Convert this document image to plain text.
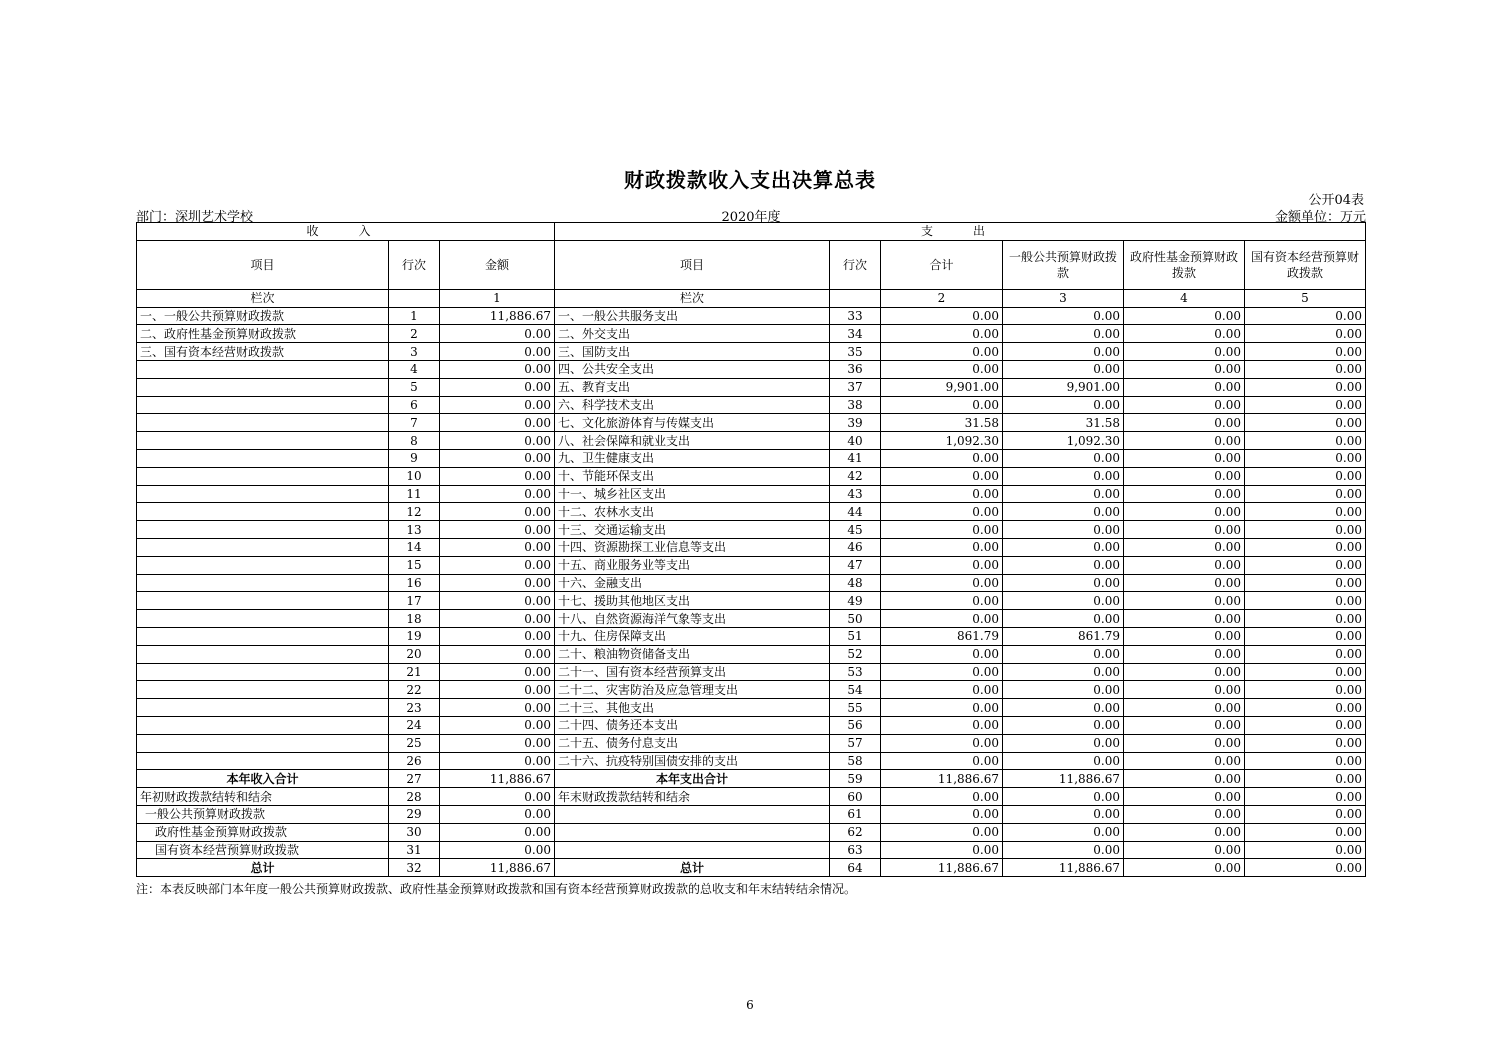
财政拨款收入支出决算总表
公开04表
部门：深圳艺术学校	2020年度	金额单位：万元
收　入			支　出					
项目	行次	金额	项目	行次	合计	一般公共预算财政拨款	政府性基金预算财政拨款	国有资本经营预算财政拨款
栏次		1	栏次		2	3	4	5
一、一般公共预算财政拨款	1	11,886.67	一、一般公共服务支出	33	0.00	0.00	0.00	0.00
二、政府性基金预算财政拨款	2	0.00	二、外交支出	34	0.00	0.00	0.00	0.00
三、国有资本经营财政拨款	3	0.00	三、国防支出	35	0.00	0.00	0.00	0.00
	4	0.00	四、公共安全支出	36	0.00	0.00	0.00	0.00
	5	0.00	五、教育支出	37	9,901.00	9,901.00	0.00	0.00
	6	0.00	六、科学技术支出	38	0.00	0.00	0.00	0.00
	7	0.00	七、文化旅游体育与传媒支出	39	31.58	31.58	0.00	0.00
	8	0.00	八、社会保障和就业支出	40	1,092.30	1,092.30	0.00	0.00
	9	0.00	九、卫生健康支出	41	0.00	0.00	0.00	0.00
	10	0.00	十、节能环保支出	42	0.00	0.00	0.00	0.00
	11	0.00	十一、城乡社区支出	43	0.00	0.00	0.00	0.00
	12	0.00	十二、农林水支出	44	0.00	0.00	0.00	0.00
	13	0.00	十三、交通运输支出	45	0.00	0.00	0.00	0.00
	14	0.00	十四、资源勘探工业信息等支出	46	0.00	0.00	0.00	0.00
	15	0.00	十五、商业服务业等支出	47	0.00	0.00	0.00	0.00
	16	0.00	十六、金融支出	48	0.00	0.00	0.00	0.00
	17	0.00	十七、援助其他地区支出	49	0.00	0.00	0.00	0.00
	18	0.00	十八、自然资源海洋气象等支出	50	0.00	0.00	0.00	0.00
	19	0.00	十九、住房保障支出	51	861.79	861.79	0.00	0.00
	20	0.00	二十、粮油物资储备支出	52	0.00	0.00	0.00	0.00
	21	0.00	二十一、国有资本经营预算支出	53	0.00	0.00	0.00	0.00
	22	0.00	二十二、灾害防治及应急管理支出	54	0.00	0.00	0.00	0.00
	23	0.00	二十三、其他支出	55	0.00	0.00	0.00	0.00
	24	0.00	二十四、债务还本支出	56	0.00	0.00	0.00	0.00
	25	0.00	二十五、债务付息支出	57	0.00	0.00	0.00	0.00
	26	0.00	二十六、抗疫特别国债安排的支出	58	0.00	0.00	0.00	0.00
本年收入合计	27	11,886.67	本年支出合计	59	11,886.67	11,886.67	0.00	0.00
年初财政拨款结转和结余	28	0.00	年末财政拨款结转和结余	60	0.00	0.00	0.00	0.00
一般公共预算财政拨款	29	0.00		61	0.00	0.00	0.00	0.00
政府性基金预算财政拨款	30	0.00		62	0.00	0.00	0.00	0.00
国有资本经营预算财政拨款	31	0.00		63	0.00	0.00	0.00	0.00
总计	32	11,886.67	总计	64	11,886.67	11,886.67	0.00	0.00
注：本表反映部门本年度一般公共预算财政拨款、政府性基金预算财政拨款和国有资本经营预算财政拨款的总收支和年末结转结余情况。
6
